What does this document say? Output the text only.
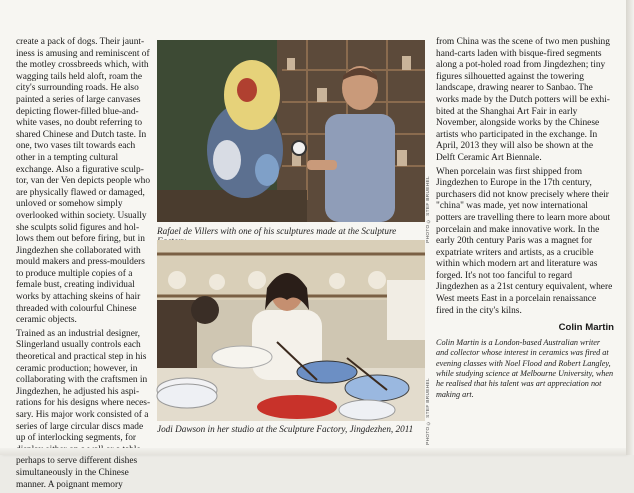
create a pack of dogs. Their jauntiness is amusing and reminiscent of the motley crossbreeds which, with wagging tails held aloft, roam the city's surrounding roads. He also painted a series of large canvases depicting flower-filled blue-and-white vases, no doubt referring to shared Chinese and Dutch taste. In one, two vases tilt towards each other in a tempting cultural exchange. Also a figurative sculptor, van der Ven depicts people who are physically flawed or damaged, unloved or somehow simply overlooked within society. Usually she sculpts solid figures and hollows them out before firing, but in Jingdezhen she collaborated with mould makers and press-moulders to produce multiple copies of a female bust, creating individual works by attaching skeins of hair threaded with colourful Chinese ceramic objects.

Trained as an industrial designer, Slingerland usually controls each theoretical and practical step in his ceramic production; however, in collaborating with the craftsmen in Jingdezhen, he adjusted his aspirations for his designs where necessary. His major work consisted of a series of large circular discs made up of interlocking segments, for perhaps to serve different dishes simultaneously in the Chinese manner. A poignant memory

Rafael de Villers with one of his sculptures made at the Sculpture	PHOTO © STEF BRUEHEL
Jodi Dawson in her studio at the Sculpture Factory, Jingdezhen, 2011	PHOTO © STEF BRUEHEL

from China was the scene of two men pushing hand-carts laden with bisque-fired segments along a pot-holed road from Jingdezhen; tiny figures silhouetted against the towering landscape, drawing nearer to Sanbao. The works made by the Dutch potters will be exhibited at the Shanghai Art Fair in early November, alongside works by the Chinese artists who participated in the exchange. In April, 2013 they will also be shown at the Delft Ceramic Art Biennale.

When porcelain was first shipped from Jingdezhen to Europe in the 17th century, purchasers did not know precisely where their "china" was made, yet now international potters are travelling there to learn more about porcelain and make innovative work. In the early 20th century Paris was a magnet for expatriate writers and artists, as a crucible within which modern art and literature was forged. It's not too fanciful to regard Jingdezhen as a 21st century equivalent, where West meets East in a porcelain renaissance fired in the city's kilns.

Colin Martin
Colin Martin is a London-based Australian writer and collector whose interest in ceramics was fired at evening classes with Noel Flood and Robert Langley, while studying science at Melbourne University, when he realised that his talent was art appreciation not making art.
